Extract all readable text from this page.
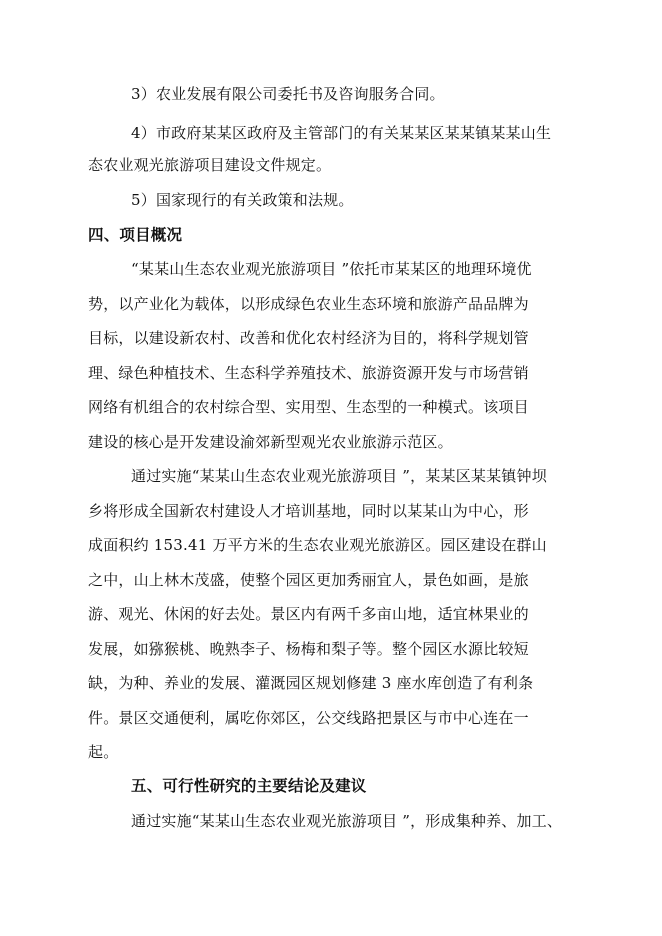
3）农业发展有限公司委托书及咨询服务合同。
4）市政府某某区政府及主管部门的有关某某区某某镇某某山生
态农业观光旅游项目建设文件规定。
5）国家现行的有关政策和法规。
四、项目概况
“某某山生态农业观光旅游项目 ”依托市某某区的地理环境优
势，以产业化为载体，以形成绿色农业生态环境和旅游产品品牌为
目标，以建设新农村、改善和优化农村经济为目的，将科学规划管
理、绿色种植技术、生态科学养殖技术、旅游资源开发与市场营销
网络有机组合的农村综合型、实用型、生态型的一种模式。该项目
建设的核心是开发建设渝郊新型观光农业旅游示范区。
通过实施“某某山生态农业观光旅游项目 ”，某某区某某镇钟坝
乡将形成全国新农村建设人才培训基地，同时以某某山为中心，形
成面积约 153.41 万平方米的生态农业观光旅游区。园区建设在群山
之中，山上林木茂盛，使整个园区更加秀丽宜人，景色如画，是旅
游、观光、休闲的好去处。景区内有两千多亩山地，适宜林果业的
发展，如猕猴桃、晚熟李子、杨梅和梨子等。整个园区水源比较短
缺，为种、养业的发展、灌溉园区规划修建 3 座水库创造了有利条
件。景区交通便利，属吃你郊区，公交线路把景区与市中心连在一
起。
五、可行性研究的主要结论及建议
通过实施“某某山生态农业观光旅游项目 ”，形成集种养、加工、
